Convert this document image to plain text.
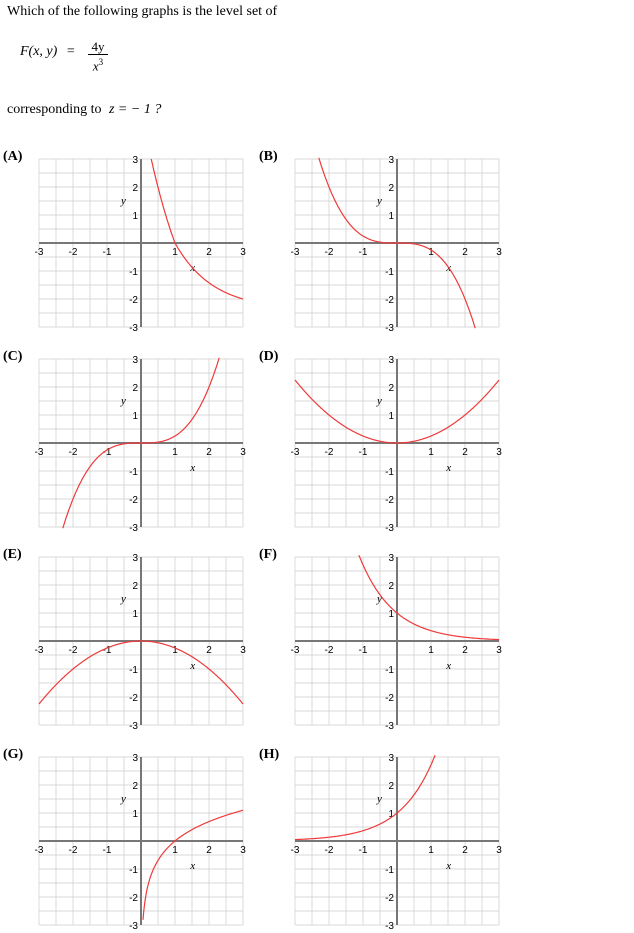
Which of the following graphs is the level set of
F(x, y) =	4y
$x^3$
corresponding to z = − 1 ?
(A)
-3	-2	-1	1	2	3
3
2
1
-1
-2
-3
x
y
(B)
-3	-2	-1	1	2	3
3
2
1
-1
-2
-3
x
y
(C)
-3	-2	-1	1	2	3
3
2
1
-1
-2
-3
x
y
(D)
-3	-2	-1	1	2	3
3
2
1
-1
-2
-3
x
y
(E)
-3	-2	-1	1	2	3
3
2
1
-1
-2
-3
x
y
(F)
-3	-2	-1	1	2	3
3
2
1
-1
-2
-3
x
y
(G)
-3	-2	-1	1	2	3
3
2
1
-1
-2
-3
x
y
(H)
-3	-2	-1	1	2	3
3
2
1
-1
-2
-3
x
y
